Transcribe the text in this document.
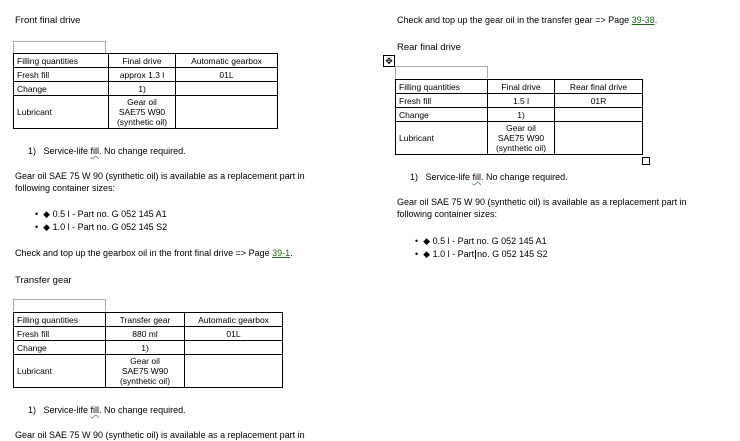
Front final drive
Filling quantities	Final drive	Automatic gearbox
Fresh fill	approx 1.3 l	01L
Change	1)	
Lubricant	Gear oil
SAE75 W90
(synthetic oil)	
1) Service-life fill. No change required.
Gear oil SAE 75 W 90 (synthetic oil) is available as a replacement part in
following container sizes:
• ◆ 0.5 l - Part no. G 052 145 A1
• ◆ 1.0 l - Part no. G 052 145 S2
Check and top up the gearbox oil in the front final drive => Page 39-1.
Transfer gear
Filling quantities	Transfer gear	Automatic gearbox
Fresh fill	880 ml	01L
Change	1)	
Lubricant	Gear oil
SAE75 W90
(synthetic oil)	
1) Service-life fill. No change required.
Gear oil SAE 75 W 90 (synthetic oil) is available as a replacement part in
Check and top up the gear oil in the transfer gear => Page 39-38.
Rear final drive
✥
Filling quantities	Final drive	Rear final drive
Fresh fill	1.5 l	01R
Change	1)	
Lubricant	Gear oil
SAE75 W90
(synthetic oil)	
1) Service-life fill. No change required.
Gear oil SAE 75 W 90 (synthetic oil) is available as a replacement part in
following container sizes:
• ◆ 0.5 l - Part no. G 052 145 A1
• ◆ 1.0 l - Part no. G 052 145 S2
